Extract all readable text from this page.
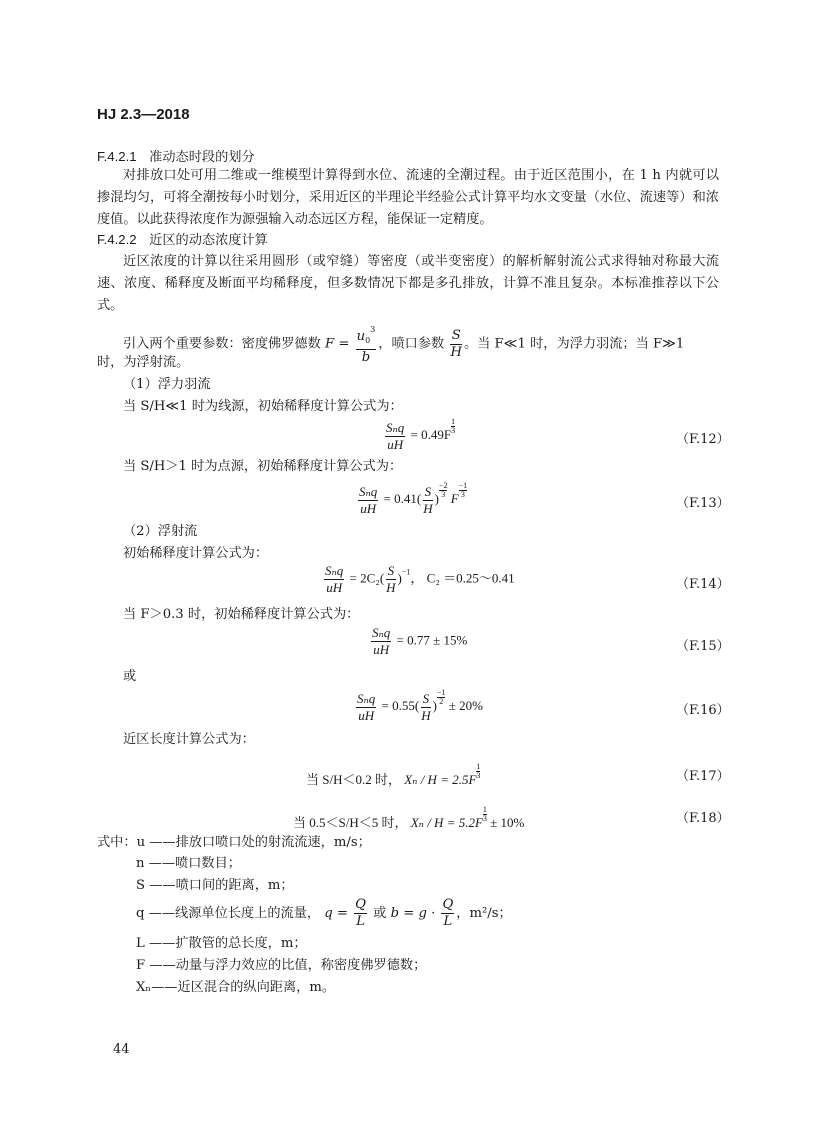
HJ 2.3—2018
F.4.2.1 准动态时段的划分
对排放口处可用二维或一维模型计算得到水位、流速的全潮过程。由于近区范围小，在 1 h 内就可以掺混均匀，可将全潮按每小时划分，采用近区的半理论半经验公式计算平均水文变量（水位、流速等）和浓度值。以此获得浓度作为源强输入动态远区方程，能保证一定精度。
F.4.2.2 近区的动态浓度计算
近区浓度的计算以往采用圆形（或窄缝）等密度（或半变密度）的解析解射流公式求得轴对称最大流速、浓度、稀释度及断面平均稀释度，但多数情况下都是多孔排放，计算不准且复杂。本标准推荐以下公式。
引入两个重要参数：密度佛罗德数 $F = \frac{u_0^3}{b}$ ，喷口参数 $\frac{S}{H}$ 。当 F≪1 时，为浮力羽流；当 F≫1
时，为浮射流。
（1）浮力羽流
当 S/H≪1 时为线源，初始稀释度计算公式为：
$\frac{\text{Sₙq}}{uH} = 0.49F \frac{1}{3}$
（F.12）
当 S/H＞1 时为点源，初始稀释度计算公式为：
$\frac{\text{Sₙq}}{uH} = 0.41( \frac{S}{H}$ ) $\frac{-2}{3}$ F $\frac{-1}{3}$
（F.13）
（2）浮射流
初始稀释度计算公式为：
$\frac{\text{Sₙq}}{uH} = 2C_2( \frac{S}{H} )^{-1}$， C₂ ＝0.25～0.41	（F.14）
当 F＞0.3 时，初始稀释度计算公式为：
$\frac{\text{Sₙq}}{uH} = 0.77 \pm 15\%$	（F.15）
或
$\frac{\text{Sₙq}}{uH} = 0.55( \frac{S}{H}$ ) $\frac{-1}{2} \pm 20\%$	（F.16）
近区长度计算公式为：
当 S/H＜0.2 时， $X_n / H = 2.5F \frac{1}{3}$	（F.17）
当 0.5＜S/H＜5 时， $X_n / H = 5.2F \frac{1}{3} \pm 10\%$	（F.18）
式中：u ——排放口喷口处的射流流速，m/s；
n ——喷口数目；
S ——喷口间的距离，m；
q ——线源单位长度上的流量， $q = \frac{Q}{L}$ 或 $b = g \cdot \frac{Q}{L}$ ，m²/s；
L ——扩散管的总长度，m；
F ——动量与浮力效应的比值，称密度佛罗德数；
Xₙ——近区混合的纵向距离，m。
44
